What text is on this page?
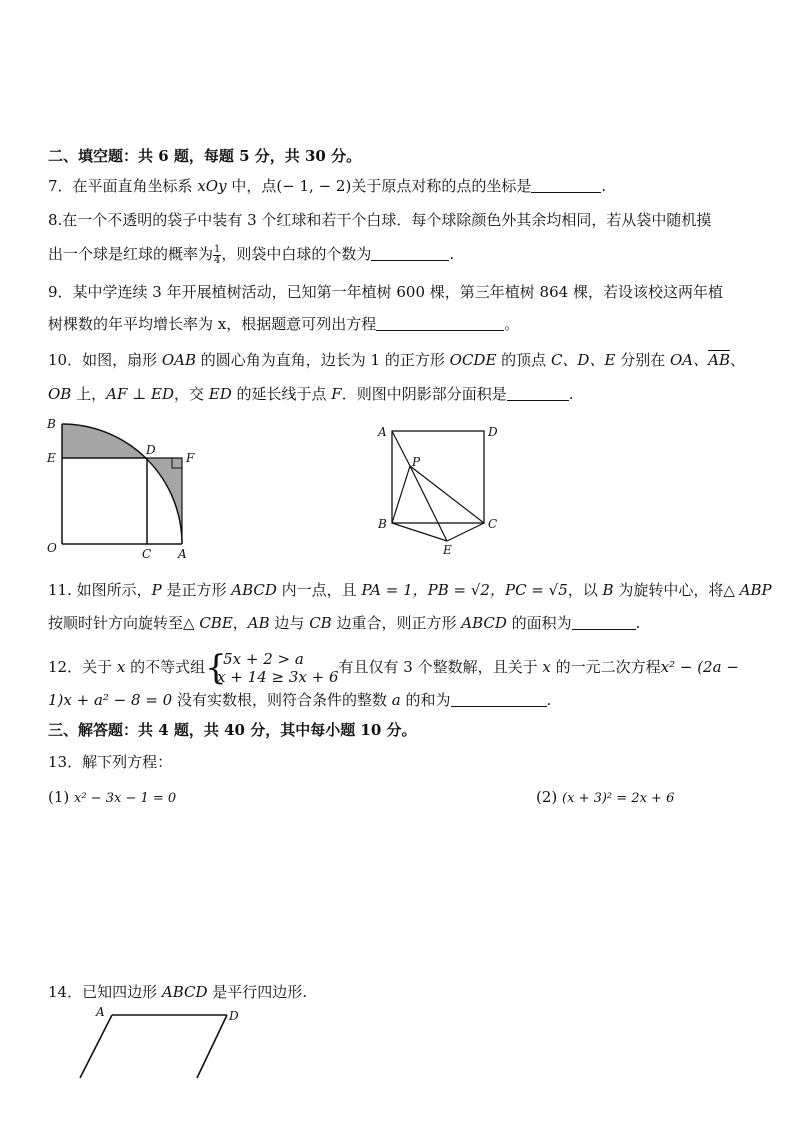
二、填空题：共 6 题，每题 5 分，共 30 分。
7．在平面直角坐标系 xOy 中，点(− 1, − 2)关于原点对称的点的坐标是	.
8.在一个不透明的袋子中装有 3 个红球和若干个白球．每个球除颜色外其余均相同，若从袋中随机摸
出一个球是红球的概率为 $\frac{1}{4}$ ，则袋中白球的个数为	.
9．某中学连续 3 年开展植树活动，已知第一年植树 600 棵，第三年植树 864 棵，若设该校这两年植
树棵数的年平均增长率为 x，根据题意可列出方程	。
10．如图，扇形 OAB 的圆心角为直角，边长为 1 的正方形 OCDE 的顶点 C、D、E 分别在 OA、$\overline{AB}$、
OB 上，AF ⊥ ED，交 ED 的延长线于点 F．则图中阴影部分面积是	.
B
E
D
F
O	C A
A	D
P
B	C
E
11. 如图所示，P 是正方形 ABCD 内一点，且 PA = 1，PB = √2，PC = √5，以 B 为旋转中心，将△ ABP
按顺时针方向旋转至△ CBE，AB 边与 CB 边重合，则正方形 ABCD 的面积为	.
12．关于 x 的不等式组 {
5x + 2 > a
x + 14 ≥ 3x + 6
有且仅有 3 个整数解，且关于 x 的一元二次方程x² − (2a −
1)x + a² − 8 = 0 没有实数根，则符合条件的整数 a 的和为	.
三、解答题：共 4 题，共 40 分，其中每小题 10 分。
13．解下列方程：
(1) x² − 3x − 1 = 0	(2) (x + 3)² = 2x + 6
14．已知四边形 ABCD 是平行四边形.
A	D
